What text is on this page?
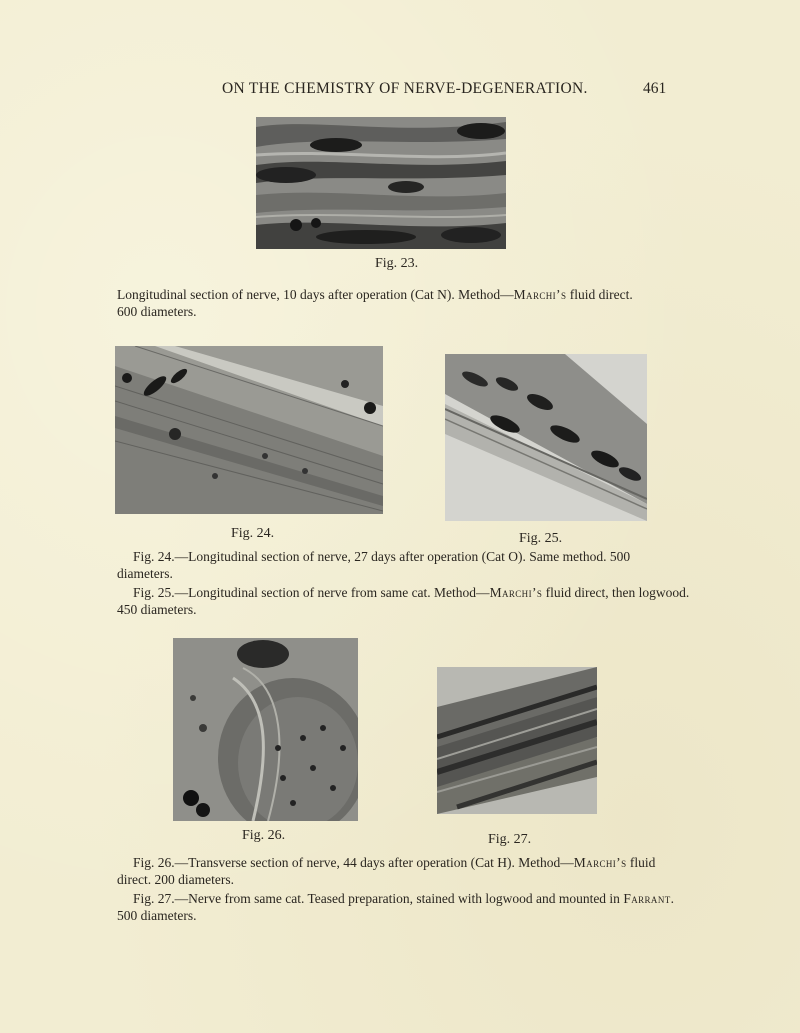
ON THE CHEMISTRY OF NERVE-DEGENERATION.	461
Fig. 23.
Longitudinal section of nerve, 10 days after operation (Cat N). Method—Marchi’s fluid direct.
600 diameters.
Fig. 24.	Fig. 25.
Fig. 24.—Longitudinal section of nerve, 27 days after operation (Cat O). Same method. 500
diameters.
Fig. 25.—Longitudinal section of nerve from same cat. Method—Marchi’s fluid direct, then logwood.
450 diameters.
Fig. 26.	Fig. 27.
Fig. 26.—Transverse section of nerve, 44 days after operation (Cat H). Method—Marchi’s fluid
direct. 200 diameters.
Fig. 27.—Nerve from same cat. Teased preparation, stained with logwood and mounted in Farrant.
500 diameters.
